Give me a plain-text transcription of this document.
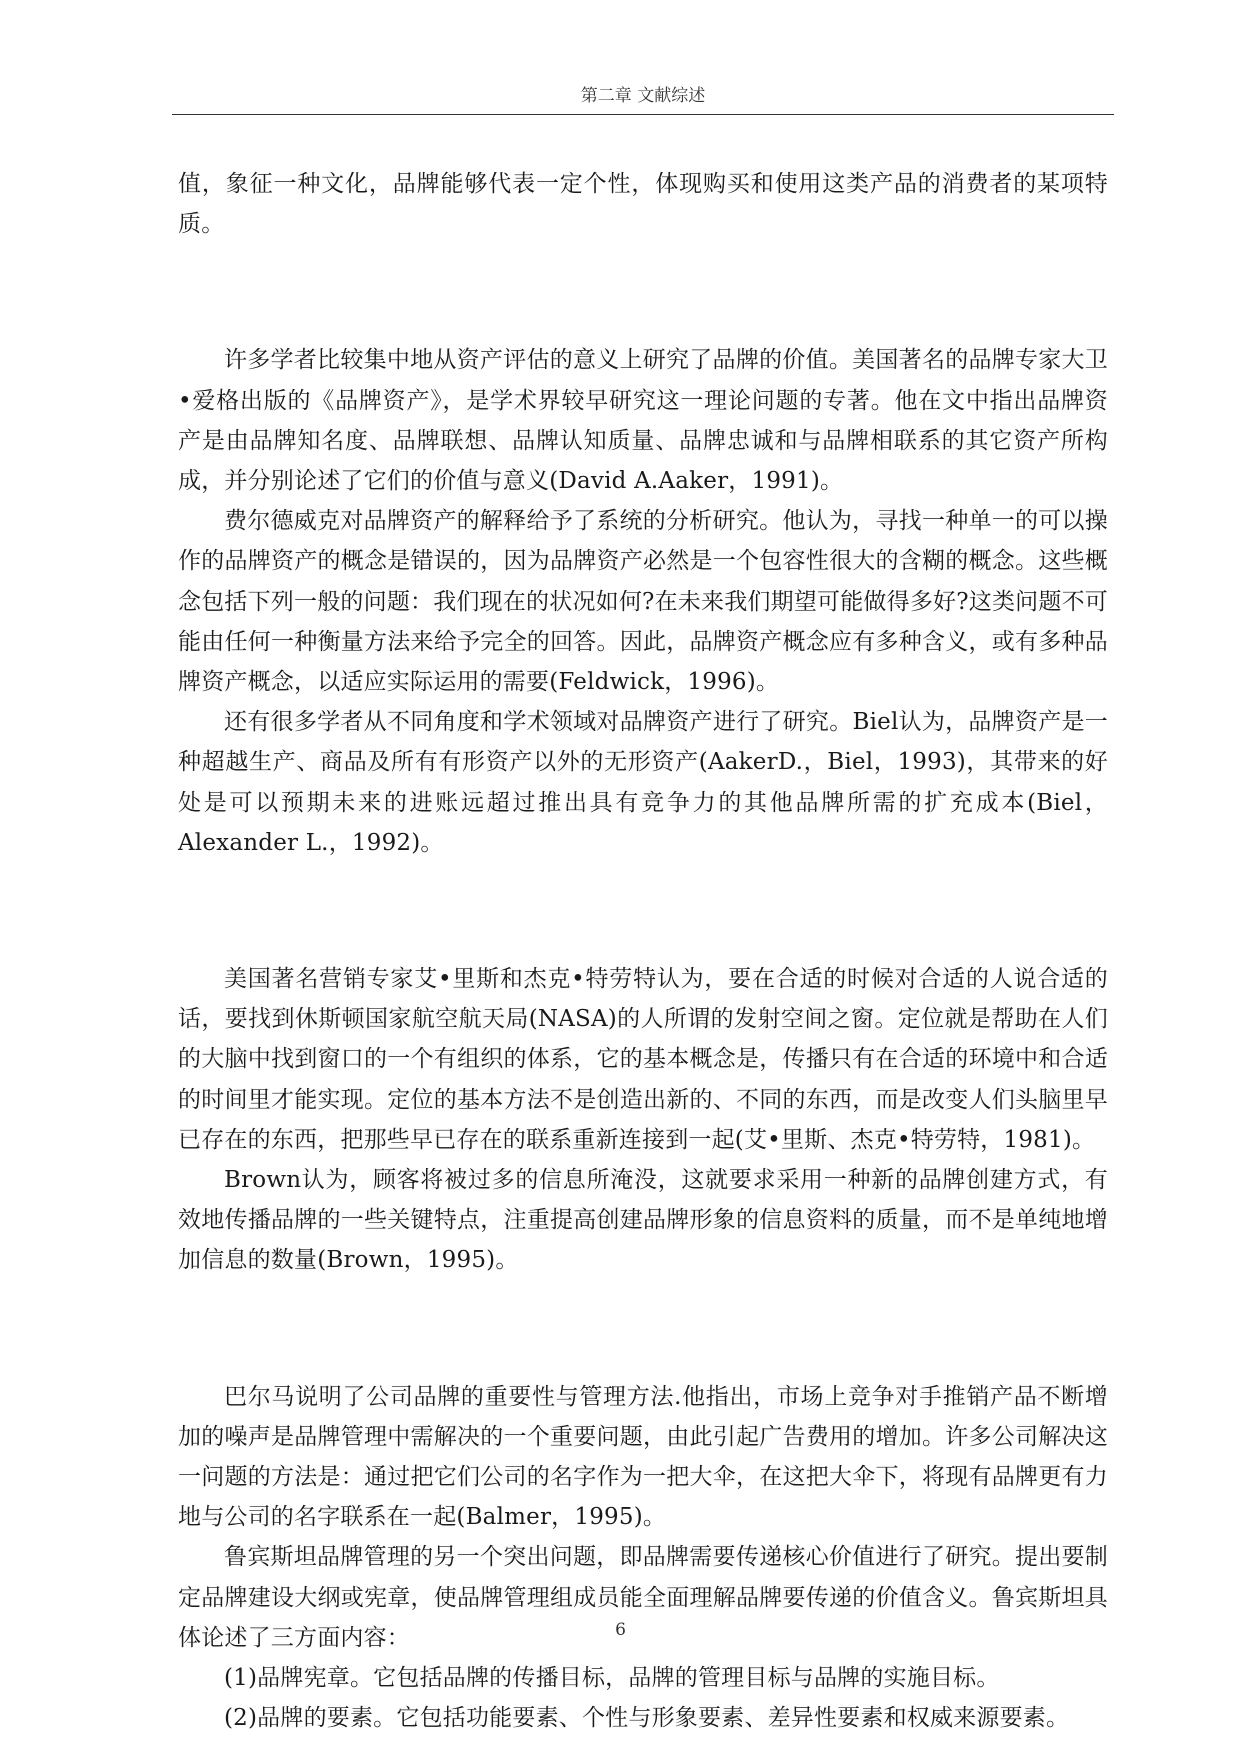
第二章 文献综述

值，象征一种文化，品牌能够代表一定个性，体现购买和使用这类产品的消费者的某项特质。

许多学者比较集中地从资产评估的意义上研究了品牌的价值。美国著名的品牌专家大卫•爱格出版的《品牌资产》，是学术界较早研究这一理论问题的专著。他在文中指出品牌资产是由品牌知名度、品牌联想、品牌认知质量、品牌忠诚和与品牌相联系的其它资产所构成，并分别论述了它们的价值与意义(David A.Aaker，1991)。

费尔德威克对品牌资产的解释给予了系统的分析研究。他认为，寻找一种单一的可以操作的品牌资产的概念是错误的，因为品牌资产必然是一个包容性很大的含糊的概念。这些概念包括下列一般的问题：我们现在的状况如何?在未来我们期望可能做得多好?这类问题不可能由任何一种衡量方法来给予完全的回答。因此，品牌资产概念应有多种含义，或有多种品牌资产概念，以适应实际运用的需要(Feldwick，1996)。

还有很多学者从不同角度和学术领域对品牌资产进行了研究。Biel认为，品牌资产是一种超越生产、商品及所有有形资产以外的无形资产(AakerD.，Biel，1993)，其带来的好处是可以预期未来的进账远超过推出具有竞争力的其他品牌所需的扩充成本(Biel，Alexander L.，1992)。

美国著名营销专家艾•里斯和杰克•特劳特认为，要在合适的时候对合适的人说合适的话，要找到休斯顿国家航空航天局(NASA)的人所谓的发射空间之窗。定位就是帮助在人们的大脑中找到窗口的一个有组织的体系，它的基本概念是，传播只有在合适的环境中和合适的时间里才能实现。定位的基本方法不是创造出新的、不同的东西，而是改变人们头脑里早已存在的东西，把那些早已存在的联系重新连接到一起(艾•里斯、杰克•特劳特，1981)。

Brown认为，顾客将被过多的信息所淹没，这就要求采用一种新的品牌创建方式，有效地传播品牌的一些关键特点，注重提高创建品牌形象的信息资料的质量，而不是单纯地增加信息的数量(Brown，1995)。

巴尔马说明了公司品牌的重要性与管理方法.他指出，市场上竞争对手推销产品不断增加的噪声是品牌管理中需解决的一个重要问题，由此引起广告费用的增加。许多公司解决这一问题的方法是：通过把它们公司的名字作为一把大伞，在这把大伞下，将现有品牌更有力地与公司的名字联系在一起(Balmer，1995)。

鲁宾斯坦品牌管理的另一个突出问题，即品牌需要传递核心价值进行了研究。提出要制定品牌建设大纲或宪章，使品牌管理组成员能全面理解品牌要传递的价值含义。鲁宾斯坦具体论述了三方面内容：

(1)品牌宪章。它包括品牌的传播目标，品牌的管理目标与品牌的实施目标。

(2)品牌的要素。它包括功能要素、个性与形象要素、差异性要素和权威来源要素。

6
